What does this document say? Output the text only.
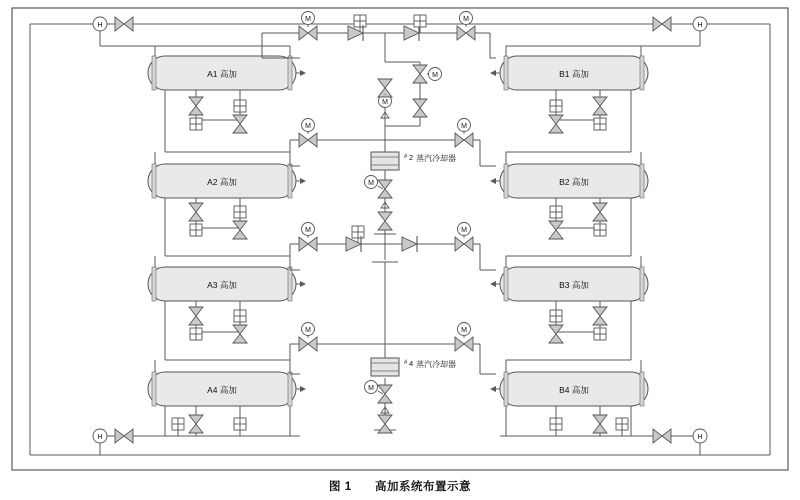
A1 高加
A2 高加
A3 高加
A4 高加
B1 高加
B2 高加
B3 高加
B4 高加
# 2 蒸汽冷却器
# 4 蒸汽冷却器
M	M
M
M
M	M
M
M	M
M	M
M
H	H
H	H
图 1 高加系统布置示意
